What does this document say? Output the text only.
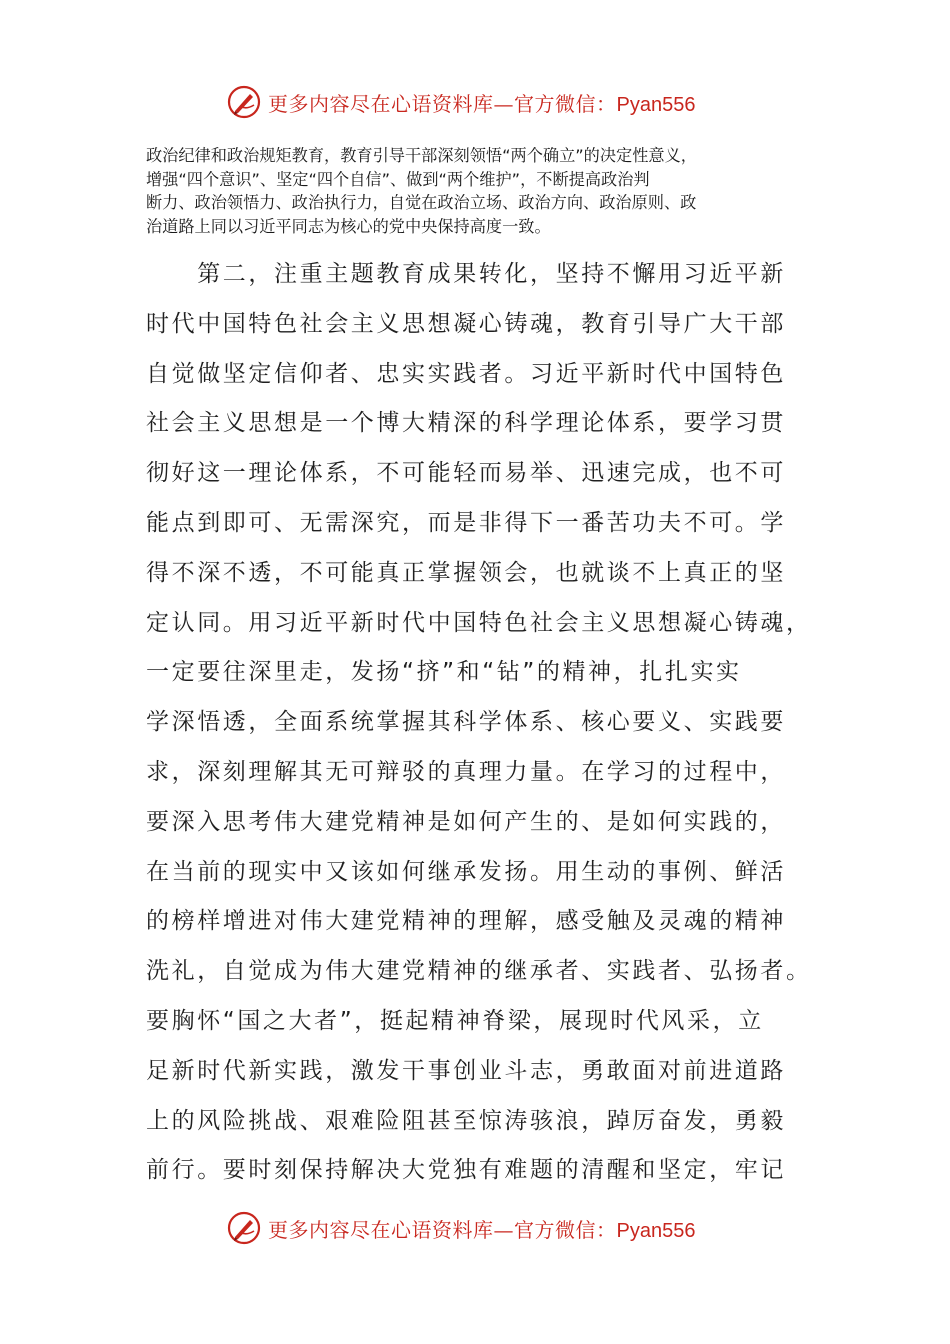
更多内容尽在心语资料库—官方微信：Pyan556
政治纪律和政治规矩教育，教育引导干部深刻领悟“两个确立”的决定性意义，
增强“四个意识”、坚定“四个自信”、做到“两个维护”，不断提高政治判
断力、政治领悟力、政治执行力，自觉在政治立场、政治方向、政治原则、政
治道路上同以习近平同志为核心的党中央保持高度一致。
　　第二，注重主题教育成果转化，坚持不懈用习近平新
时代中国特色社会主义思想凝心铸魂，教育引导广大干部
自觉做坚定信仰者、忠实实践者。习近平新时代中国特色
社会主义思想是一个博大精深的科学理论体系，要学习贯
彻好这一理论体系，不可能轻而易举、迅速完成，也不可
能点到即可、无需深究，而是非得下一番苦功夫不可。学
得不深不透，不可能真正掌握领会，也就谈不上真正的坚
定认同。用习近平新时代中国特色社会主义思想凝心铸魂，
一定要往深里走，发扬“挤”和“钻”的精神，扎扎实实
学深悟透，全面系统掌握其科学体系、核心要义、实践要
求，深刻理解其无可辩驳的真理力量。在学习的过程中，
要深入思考伟大建党精神是如何产生的、是如何实践的，
在当前的现实中又该如何继承发扬。用生动的事例、鲜活
的榜样增进对伟大建党精神的理解，感受触及灵魂的精神
洗礼，自觉成为伟大建党精神的继承者、实践者、弘扬者。
要胸怀“国之大者”，挺起精神脊梁，展现时代风采，立
足新时代新实践，激发干事创业斗志，勇敢面对前进道路
上的风险挑战、艰难险阻甚至惊涛骇浪，踔厉奋发，勇毅
前行。要时刻保持解决大党独有难题的清醒和坚定，牢记
更多内容尽在心语资料库—官方微信：Pyan556
